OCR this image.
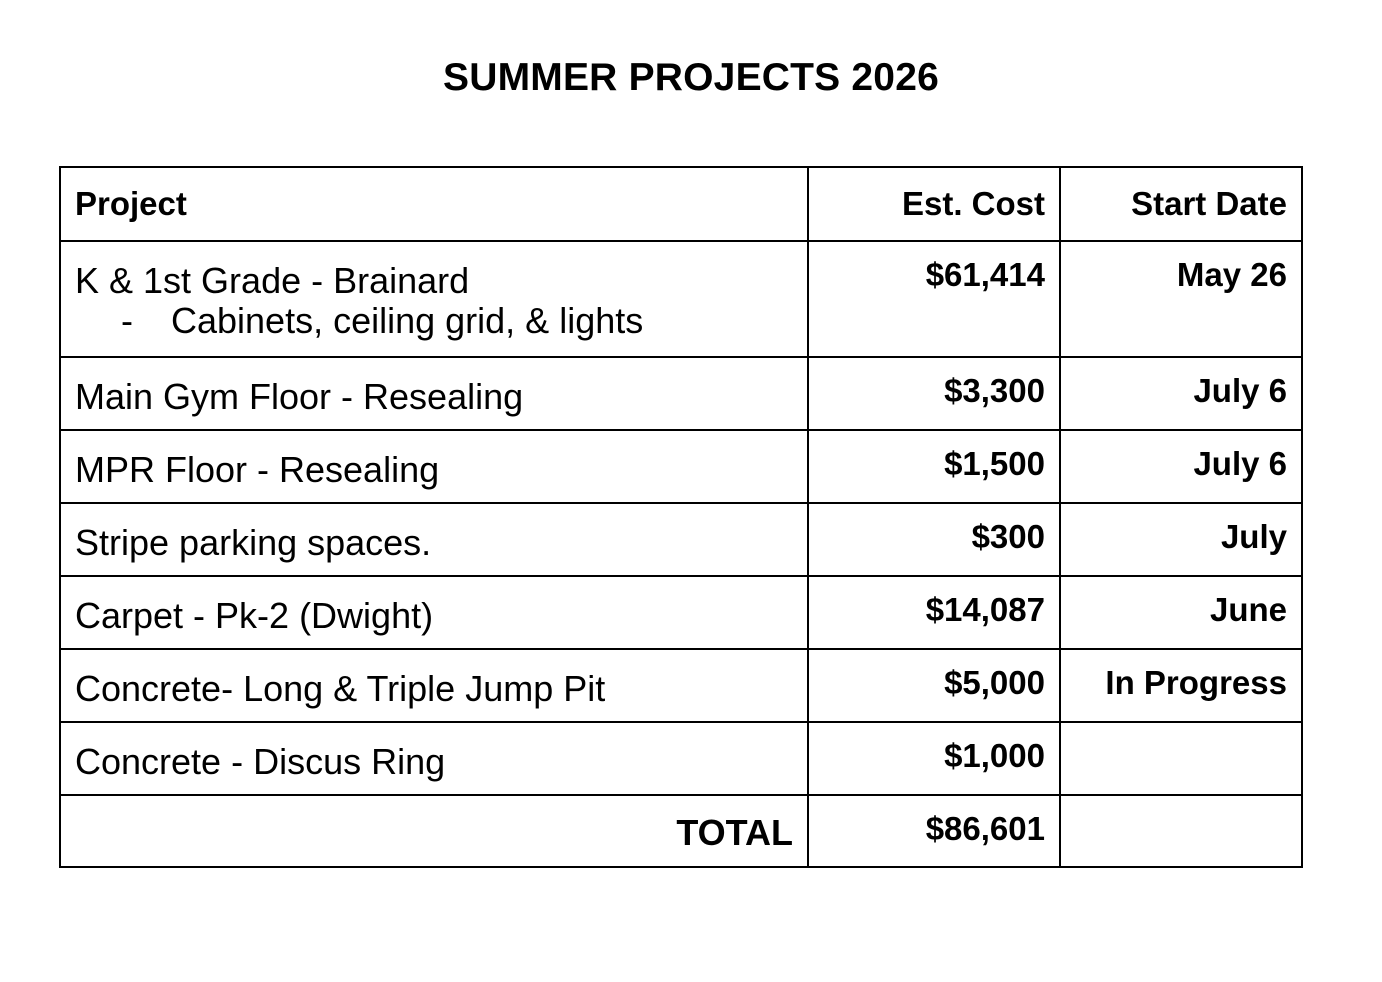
SUMMER PROJECTS 2026
Project	Est. Cost	Start Date
K & 1st Grade - Brainard
- Cabinets, ceiling grid, & lights	$61,414	May 26
Main Gym Floor - Resealing	$3,300	July 6
MPR Floor - Resealing	$1,500	July 6
Stripe parking spaces.	$300	July
Carpet - Pk-2 (Dwight)	$14,087	June
Concrete- Long & Triple Jump Pit	$5,000	In Progress
Concrete - Discus Ring	$1,000	
TOTAL	$86,601	
